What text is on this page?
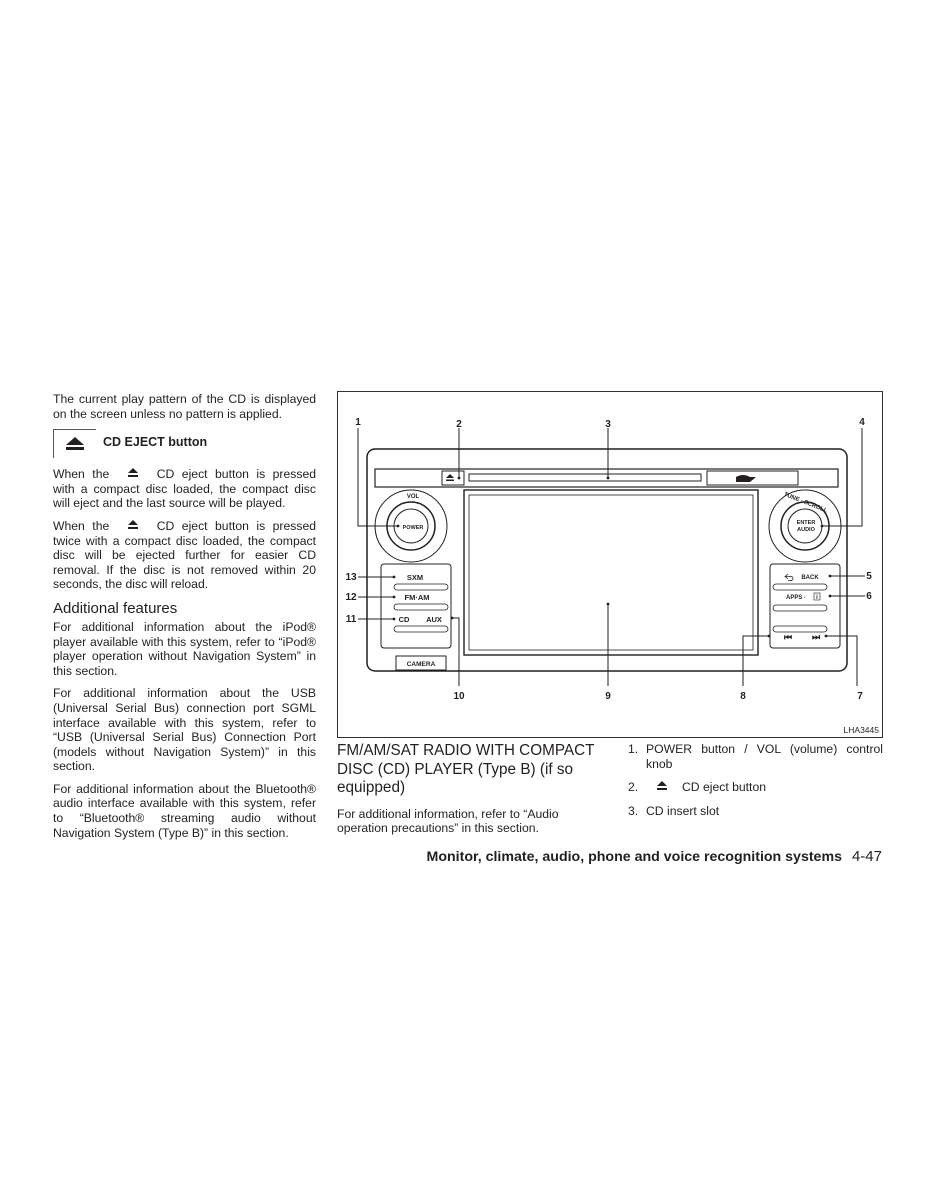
The current play pattern of the CD is displayed on the screen unless no pattern is applied.

CD EJECT button

When the	CD eject button is pressed with a compact disc loaded, the compact disc will eject and the last source will be played.

When the	CD eject button is pressed twice with a compact disc loaded, the compact disc will be ejected further for easier CD removal. If the disc is not removed within 20 seconds, the disc will reload.

Additional features

For additional information about the iPod® player available with this system, refer to “iPod® player operation without Navigation System” in this section.

For additional information about the USB (Universal Serial Bus) connection port SGML interface available with this system, refer to “USB (Universal Serial Bus) Connection Port (models without Navigation System)” in this section.

For additional information about the Bluetooth® audio interface available with this system, refer to “Bluetooth® streaming audio without Navigation System (Type B)” in this section.

1	2	3	4
5
6
7
8
9
10
11
12
13
VOL
POWER
TUNE · SCROLL
ENTER
AUDIO
SXM
FM·AM
CD AUX
CAMERA
BACK
APPS · i
⏮ ⏭
LHA3445
FM/AM/SAT RADIO WITH COMPACT DISC (CD) PLAYER (Type B) (if so equipped)

For additional information, refer to “Audio operation precautions” in this section.

1. POWER button / VOL (volume) control knob
2.	CD eject button
3. CD insert slot
Monitor, climate, audio, phone and voice recognition systems 4-47
